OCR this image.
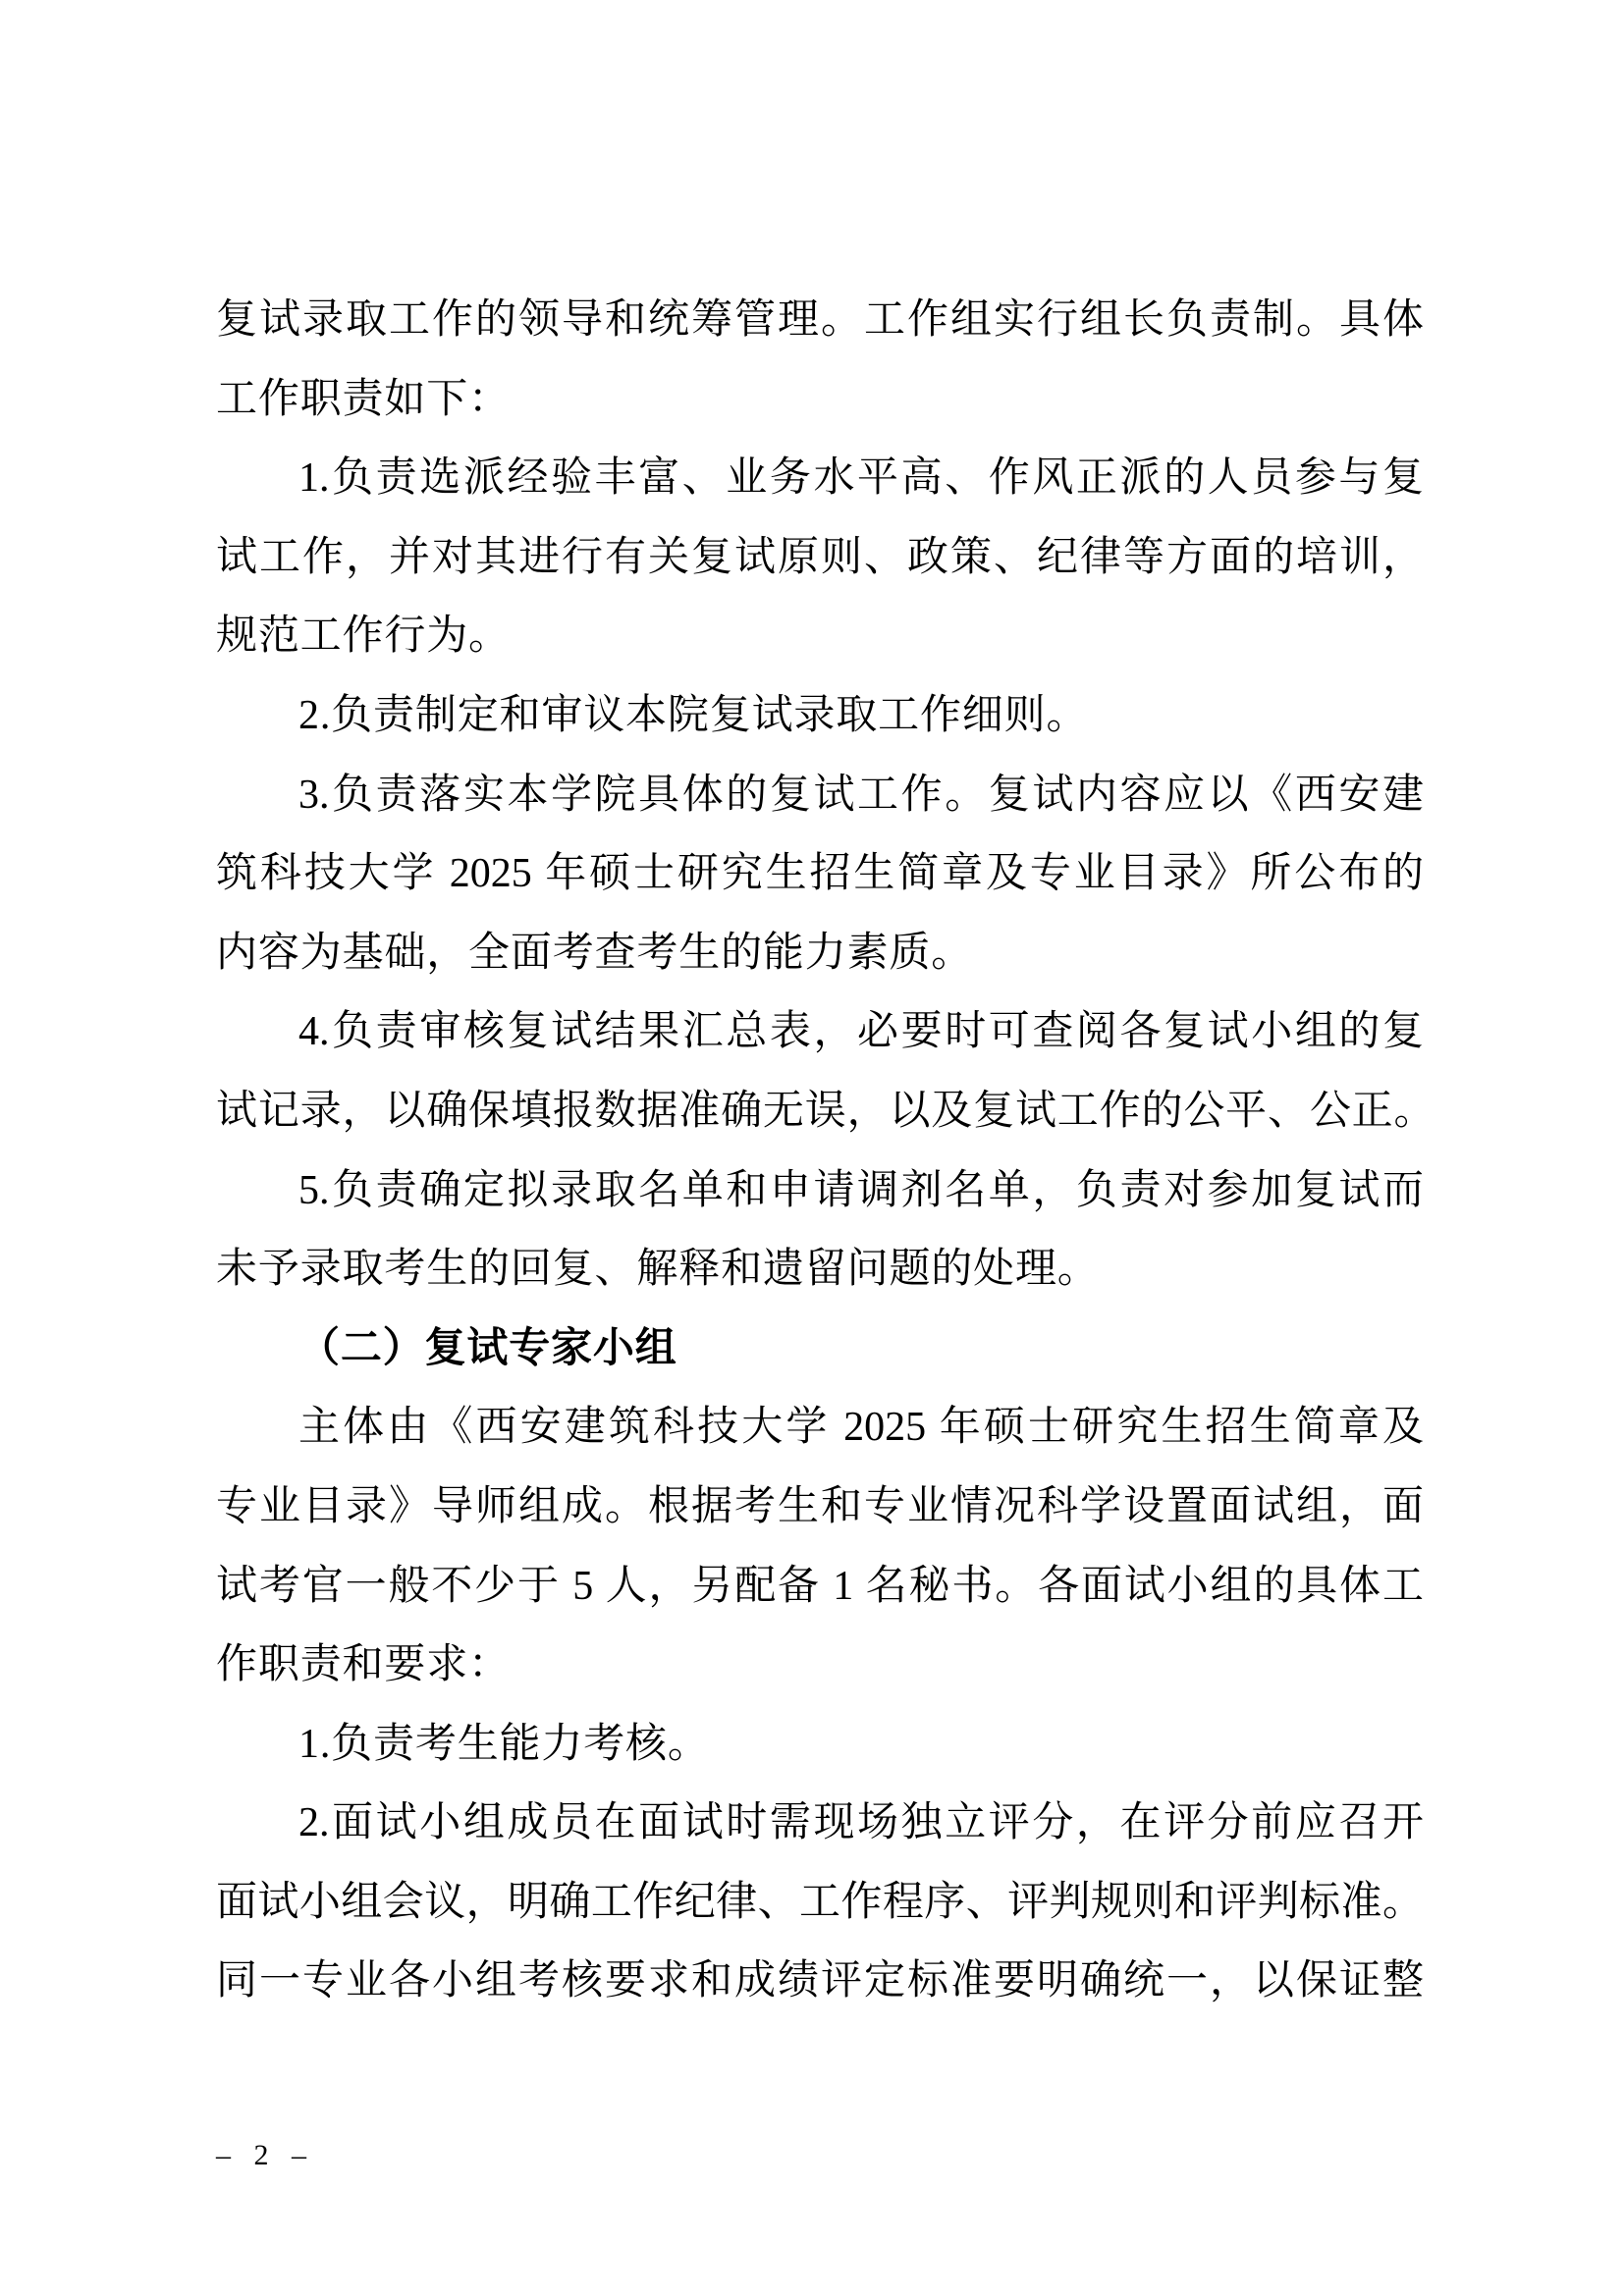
复试录取工作的领导和统筹管理。工作组实行组长负责制。具体
工作职责如下：
1.负责选派经验丰富、业务水平高、作风正派的人员参与复
试工作，并对其进行有关复试原则、政策、纪律等方面的培训，
规范工作行为。
2.负责制定和审议本院复试录取工作细则。
3.负责落实本学院具体的复试工作。复试内容应以《西安建
筑科技大学 2025 年硕士研究生招生简章及专业目录》所公布的
内容为基础，全面考查考生的能力素质。
4.负责审核复试结果汇总表，必要时可查阅各复试小组的复
试记录，以确保填报数据准确无误，以及复试工作的公平、公正。
5.负责确定拟录取名单和申请调剂名单，负责对参加复试而
未予录取考生的回复、解释和遗留问题的处理。
（二）复试专家小组
主体由《西安建筑科技大学 2025 年硕士研究生招生简章及
专业目录》导师组成。根据考生和专业情况科学设置面试组，面
试考官一般不少于 5 人，另配备 1 名秘书。各面试小组的具体工
作职责和要求：
1.负责考生能力考核。
2.面试小组成员在面试时需现场独立评分，在评分前应召开
面试小组会议，明确工作纪律、工作程序、评判规则和评判标准。
同一专业各小组考核要求和成绩评定标准要明确统一，以保证整
– 2 –
